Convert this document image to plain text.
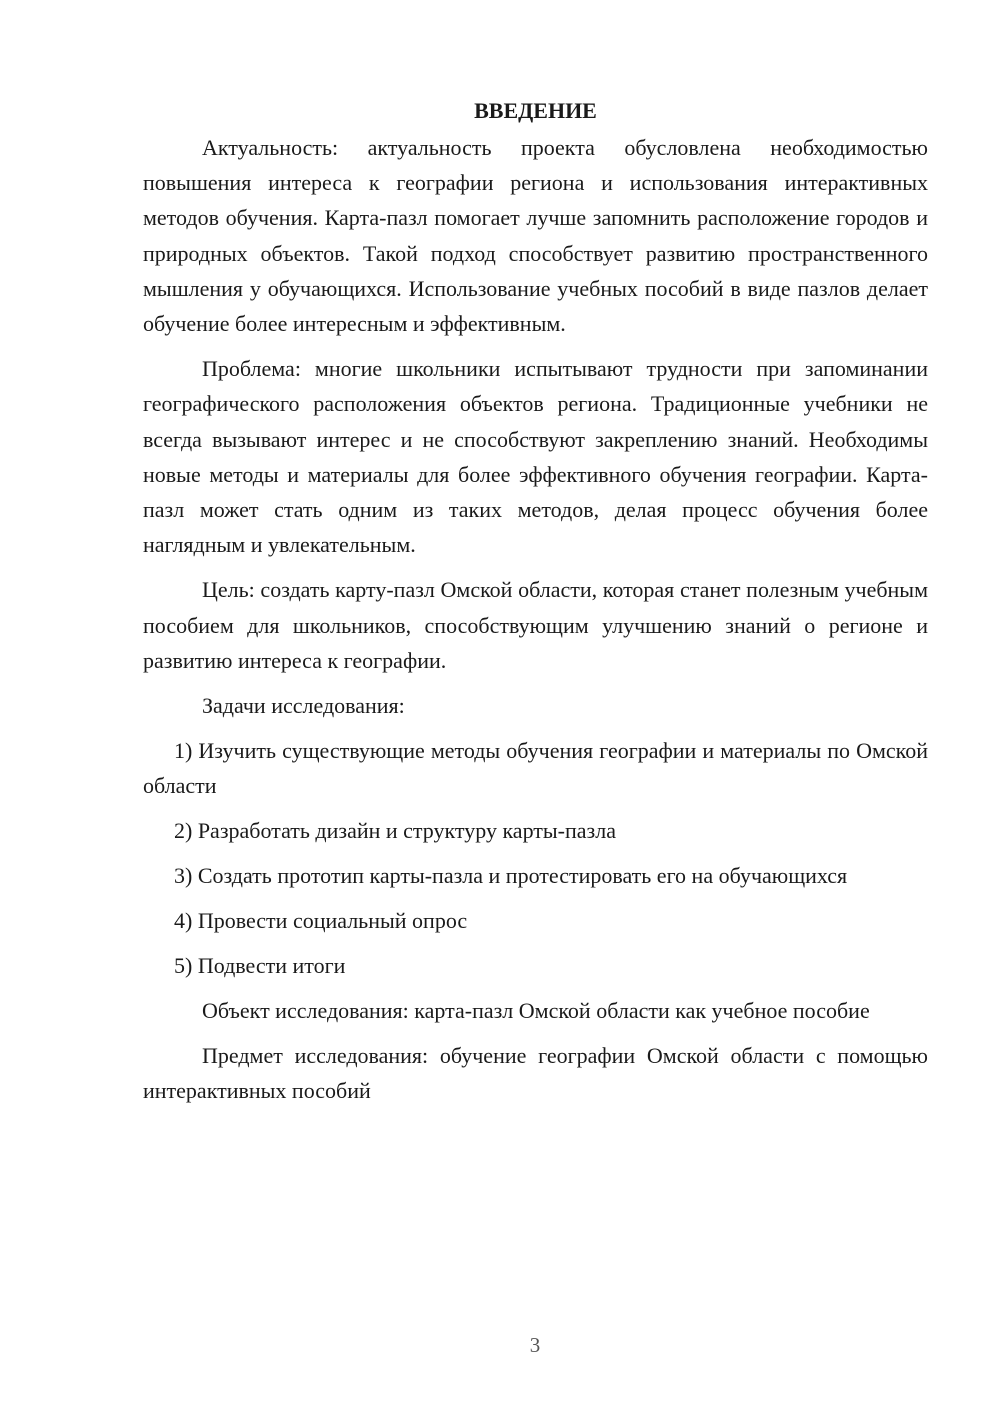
ВВЕДЕНИЕ

Актуальность: актуальность проекта обусловлена необходимостью повышения интереса к географии региона и использования интерактивных методов обучения. Карта-пазл помогает лучше запомнить расположение городов и природных объектов. Такой подход способствует развитию пространственного мышления у обучающихся. Использование учебных пособий в виде пазлов делает обучение более интересным и эффективным.

Проблема: многие школьники испытывают трудности при запоминании географического расположения объектов региона. Традиционные учебники не всегда вызывают интерес и не способствуют закреплению знаний. Необходимы новые методы и материалы для более эффективного обучения географии. Карта-пазл может стать одним из таких методов, делая процесс обучения более наглядным и увлекательным.

Цель: создать карту-пазл Омской области, которая станет полезным учебным пособием для школьников, способствующим улучшению знаний о регионе и развитию интереса к географии.

Задачи исследования:

1) Изучить существующие методы обучения географии и материалы по Омской области

2) Разработать дизайн и структуру карты-пазла

3) Создать прототип карты-пазла и протестировать его на обучающихся

4) Провести социальный опрос

5) Подвести итоги

Объект исследования: карта-пазл Омской области как учебное пособие

Предмет исследования: обучение географии Омской области с помощью интерактивных пособий

3
